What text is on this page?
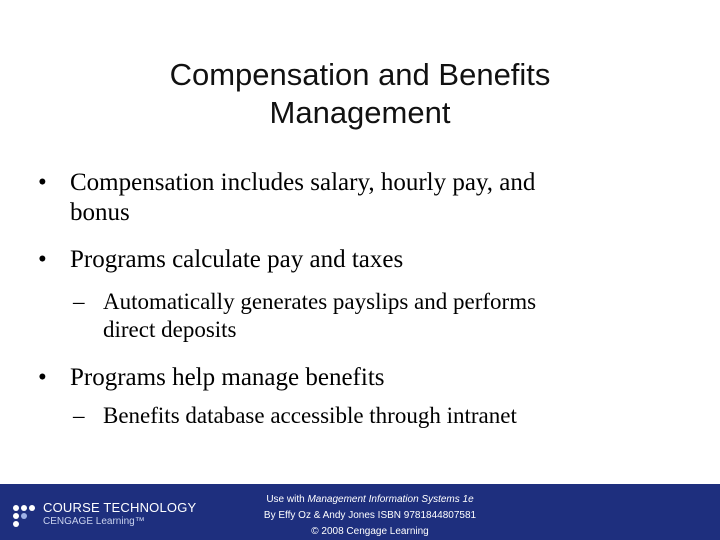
Compensation and Benefits
Management
• Compensation includes salary, hourly pay, and
bonus
• Programs calculate pay and taxes
– Automatically generates payslips and performs
direct deposits
• Programs help manage benefits
– Benefits database accessible through intranet
COURSE TECHNOLOGY
CENGAGE Learning™
Use with Management Information Systems 1e
By Effy Oz & Andy Jones ISBN 9781844807581
© 2008 Cengage Learning
